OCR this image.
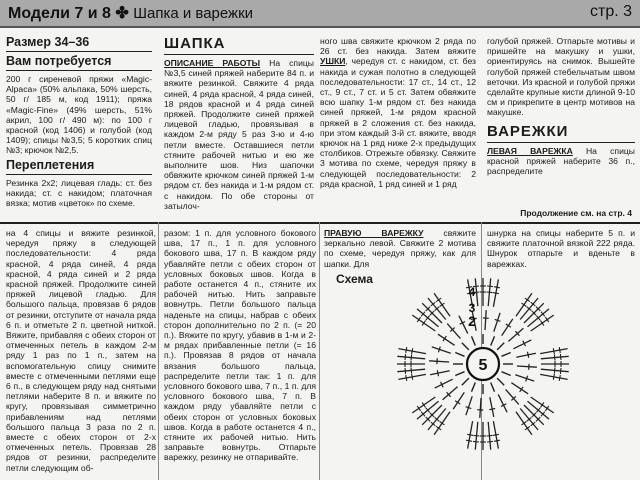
Модели 7 и 8 ✤ Шапка и варежки	стр. 3
Размер 34–36
Вам потребуется

200 г сиреневой пряжи «Magic-Alpaca» (50% альпака, 50% шерсть, 50 г/ 185 м, код 1911); пряжа «Magic-Fine» (49% шерсть, 51% акрил, 100 г/ 490 м): по 100 г красной (код 1406) и голубой (код 1409); спицы №3,5; 5 коротких спиц №3; крючок №2,5.

Переплетения

Резинка 2х2; лицевая гладь: ст. без накида; ст. с накидом; платочная вязка; мотив «цветок» по схеме.

ШАПКА

ОПИСАНИЕ РАБОТЫ На спицы №3,5 синей пряжей наберите 84 п. и вяжите резинкой. Свяжите 4 ряда синей, 4 ряда красной, 4 ряда синей, 18 рядов красной и 4 ряда синей пряжей. Продолжите синей пряжей лицевой гладью, провязывая в каждом 2-м ряду 5 раз 3-ю и 4-ю петли вместе. Оставшиеся петли стяните рабочей нитью и ею же выполните шов. Низ шапочки обвяжите крючком синей пряжей 1-м рядом ст. без накида и 1-м рядом ст. с накидом. По обе стороны от затылоч-

ного шва свяжите крючком 2 ряда по 26 ст. без накида. Затем вяжите УШКИ, чередуя ст. с накидом, ст. без накида и сужая полотно в следующей последовательности: 17 ст., 14 ст., 12 ст., 9 ст., 7 ст. и 5 ст. Затем обвяжите всю шапку 1-м рядом ст. без накида синей пряжей, 1-м рядом красной пряжей в 2 сложения ст. без накида, при этом каждый 3-й ст. вяжите, вводя крючок на 1 ряд ниже 2-х предыдущих столбиков. Отрежьте обвязку. Свяжите 3 мотива по схеме, чередуя пряжу в следующей последовательности: 2 ряда красной, 1 ряд синей и 1 ряд

голубой пряжей. Отпарьте мотивы и пришейте на макушку и ушки, ориентируясь на снимок. Вышейте голубой пряжей стебельчатым швом веточки. Из красной и голубой пряжи сделайте крупные кисти длиной 9-10 см и прикрепите в центр мотивов на макушке.

ВАРЕЖКИ

ЛЕВАЯ ВАРЕЖКА На спицы красной пряжей наберите 36 п., распределите

Продолжение см. на стр. 4

на 4 спицы и вяжите резинкой, чередуя пряжу в следующей последовательности: 4 ряда красной, 4 ряда синей, 4 ряда красной, 4 ряда синей и 2 ряда красной пряжей. Продолжите синей пряжей лицевой гладью. Для большого пальца, провязав 6 рядов от резинки, отступите от начала ряда 6 п. и отметьте 2 п. цветной ниткой. Вяжите, прибавляя с обеих сторон от отмеченных петель в каждом 2-м ряду 1 раз по 1 п., затем на вспомогательную спицу снимите вместе с отмеченными петлями еще 6 п., в следующем ряду над снятыми петлями наберите 8 п. и вяжите по кругу, провязывая симметрично прибавлениям над петлями большого пальца 3 раза по 2 п. вместе с обеих сторон от 2-х отмеченных петель. Провязав 28 рядов от резинки, распределите петли следующим об-

разом: 1 п. для условного бокового шва, 17 п., 1 п. для условного бокового шва, 17 п. В каждом ряду убавляйте петли с обеих сторон от условных боковых швов. Когда в работе останется 4 п., стяните их рабочей нитью. Нить заправьте вовнутрь. Петли большого пальца наденьте на спицы, набрав с обеих сторон дополнительно по 2 п. (= 20 п.). Вяжите по кругу, убавив в 1-м и 2-м рядах прибавленные петли (= 16 п.). Провязав 8 рядов от начала вязания большого пальца, распределите петли так: 1 п. для условного бокового шва, 7 п., 1 п. для условного бокового шва, 7 п. В каждом ряду убавляйте петли с обеих сторон от условных боковых швов. Когда в работе останется 4 п., стяните их рабочей нитью. Нить заправьте вовнутрь. Отпарьте варежку, резинку не отпаривайте.

ПРАВУЮ ВАРЕЖКУ свяжите зеркально левой. Свяжите 2 мотива по схеме, чередуя пряжу, как для шапки. Для

шнурка на спицы наберите 5 п. и свяжите платочной вязкой 222 ряда. Шнурок отпарьте и вденьте в варежках.

Схема
5
2
3
4
